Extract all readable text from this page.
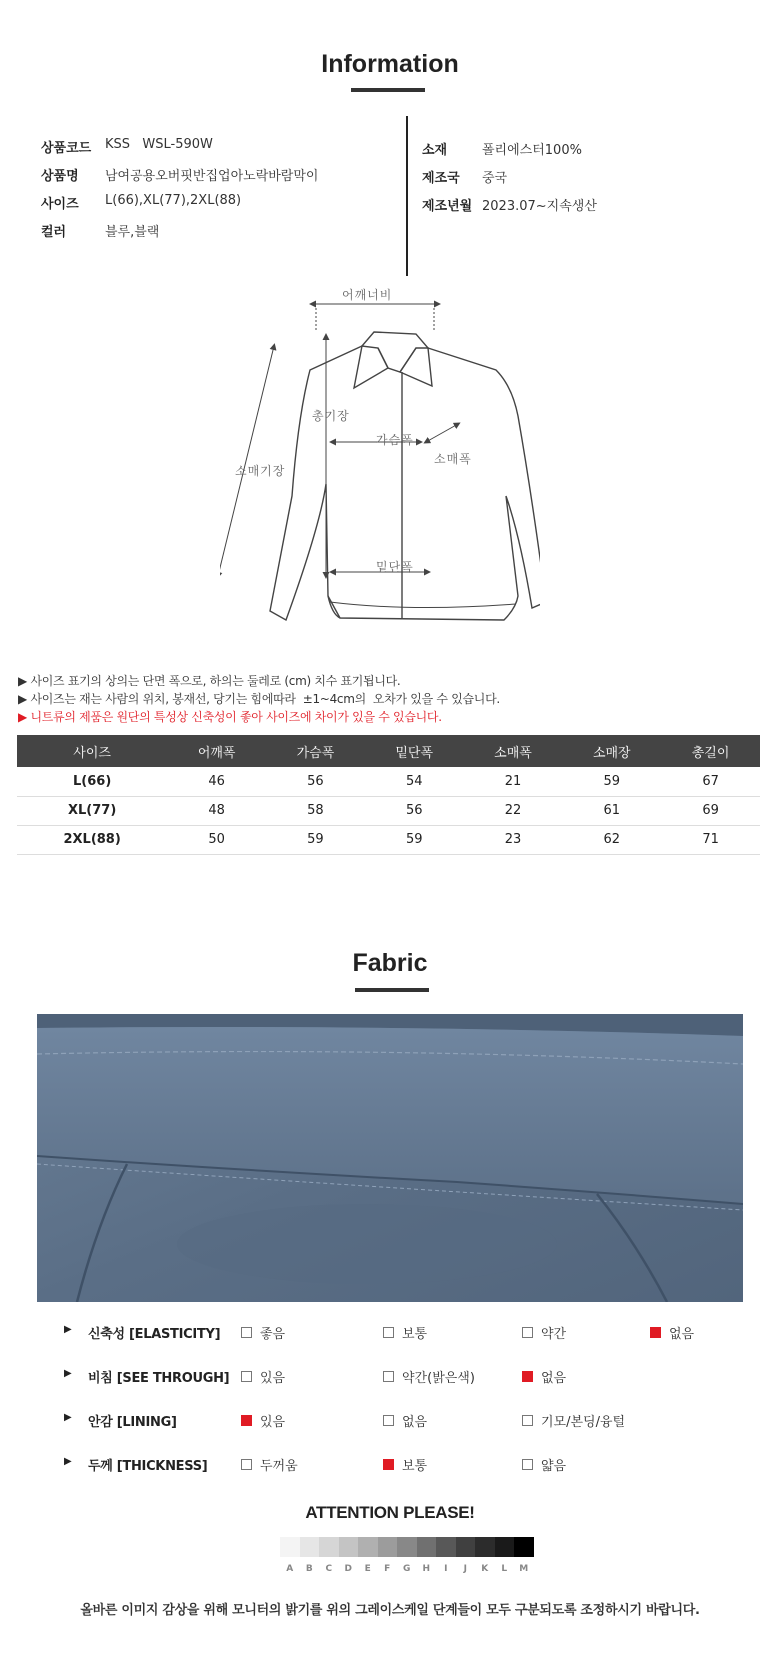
Information
상품코드	KSS   WSL-590W
상품명	남여공용오버핏반집업아노락바람막이
사이즈	L(66),XL(77),2XL(88)
컬러	블루,블랙
소재	폴리에스터100%
제조국	중국
제조년월 2023.07~지속생산
어깨너비
총기장
가슴폭
소매폭
소매기장
밑단폭
▶ 사이즈 표기의 상의는 단면 폭으로, 하의는 둘레로 (cm) 치수 표기됩니다.
▶ 사이즈는 재는 사람의 위치, 봉재선, 당기는 힘에따라  ±1~4cm의  오차가 있을 수 있습니다.
▶ 니트류의 제품은 원단의 특성상 신축성이 좋아 사이즈에 차이가 있을 수 있습니다.
사이즈	어깨폭	가슴폭	밑단폭	소매폭	소매장	총길이
L(66)	46	56	54	21	59	67
XL(77)	48	58	56	22	61	69
2XL(88)	50	59	59	23	62	71
Fabric
▶ 신축성 [ELASTICITY]	좋음	보통	약간	없음
▶ 비침 [SEE THROUGH] 있음	약간(밝은색)	없음
▶ 안감 [LINING]	있음	없음	기모/본딩/융털
▶ 두께 [THICKNESS]	두꺼움	보통	얇음
ATTENTION PLEASE!
A	B	C	D	E	F	G	H	I	J	K	L	M
올바른 이미지 감상을 위해 모니터의 밝기를 위의 그레이스케일 단계들이 모두 구분되도록 조정하시기 바랍니다.
